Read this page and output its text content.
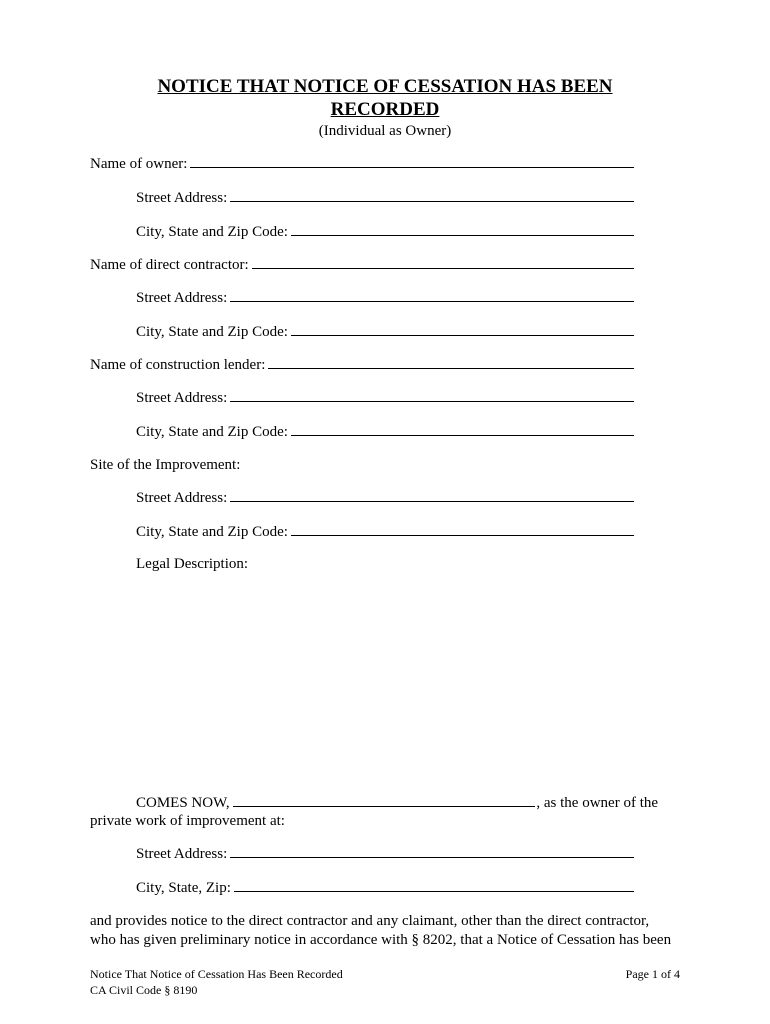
NOTICE THAT NOTICE OF CESSATION HAS BEEN
RECORDED
(Individual as Owner)
Name of owner:
Street Address:
City, State and Zip Code:
Name of direct contractor:
Street Address:
City, State and Zip Code:
Name of construction lender:
Street Address:
City, State and Zip Code:
Site of the Improvement:
Street Address:
City, State and Zip Code:
Legal Description:
COMES NOW,	, as the owner of the
private work of improvement at:
Street Address:
City, State, Zip:
and provides notice to the direct contractor and any claimant, other than the direct contractor,
who has given preliminary notice in accordance with § 8202, that a Notice of Cessation has been
Notice That Notice of Cessation Has Been Recorded
CA Civil Code § 8190
Page 1 of 4
